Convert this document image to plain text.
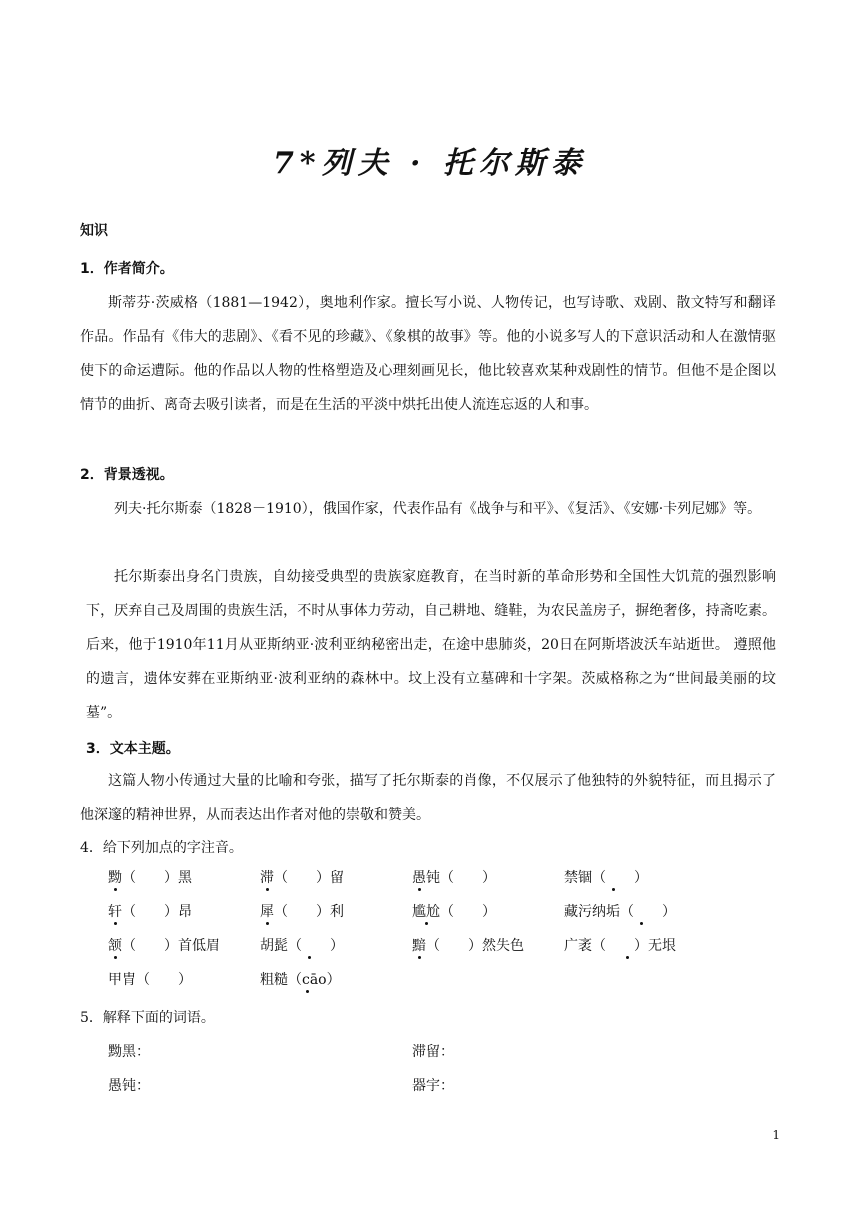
7*列夫 · 托尔斯泰
知识
1．作者简介。
斯蒂芬·茨威格（1881—1942），奥地利作家。擅长写小说、人物传记，也写诗歌、戏剧、散文特写和翻译作品。作品有《伟大的悲剧》、《看不见的珍藏》、《象棋的故事》等。他的小说多写人的下意识活动和人在激情驱使下的命运遭际。他的作品以人物的性格塑造及心理刻画见长，他比较喜欢某种戏剧性的情节。但他不是企图以情节的曲折、离奇去吸引读者，而是在生活的平淡中烘托出使人流连忘返的人和事。
2．背景透视。
列夫·托尔斯泰（1828－1910），俄国作家，代表作品有《战争与和平》、《复活》、《安娜·卡列尼娜》等。
托尔斯泰出身名门贵族，自幼接受典型的贵族家庭教育，在当时新的革命形势和全国性大饥荒的强烈影响下，厌弃自己及周围的贵族生活，不时从事体力劳动，自己耕地、缝鞋，为农民盖房子，摒绝奢侈，持斋吃素。后来，他于1910年11月从亚斯纳亚·波利亚纳秘密出走，在途中患肺炎，20日在阿斯塔波沃车站逝世。 遵照他的遗言，遗体安葬在亚斯纳亚·波利亚纳的森林中。坟上没有立墓碑和十字架。茨威格称之为“世间最美丽的坟墓”。
3．文本主题。
这篇人物小传通过大量的比喻和夸张，描写了托尔斯泰的肖像，不仅展示了他独特的外貌特征，而且揭示了他深邃的精神世界，从而表达出作者对他的崇敬和赞美。
4．给下列加点的字注音。
黝（　　）黑	滞（　　）留	愚钝（　　）	禁锢（　　）
轩（　　）昂	犀（　　）利	尴尬（　　）	藏污纳垢（　　）
颔（　　）首低眉	胡髭（　　）	黯（　　）然失色	广袤（　　）无垠
甲胄（　　）	粗糙（cāo）
5．解释下面的词语。
黝黑：	滞留：
愚钝：	器宇：
1
